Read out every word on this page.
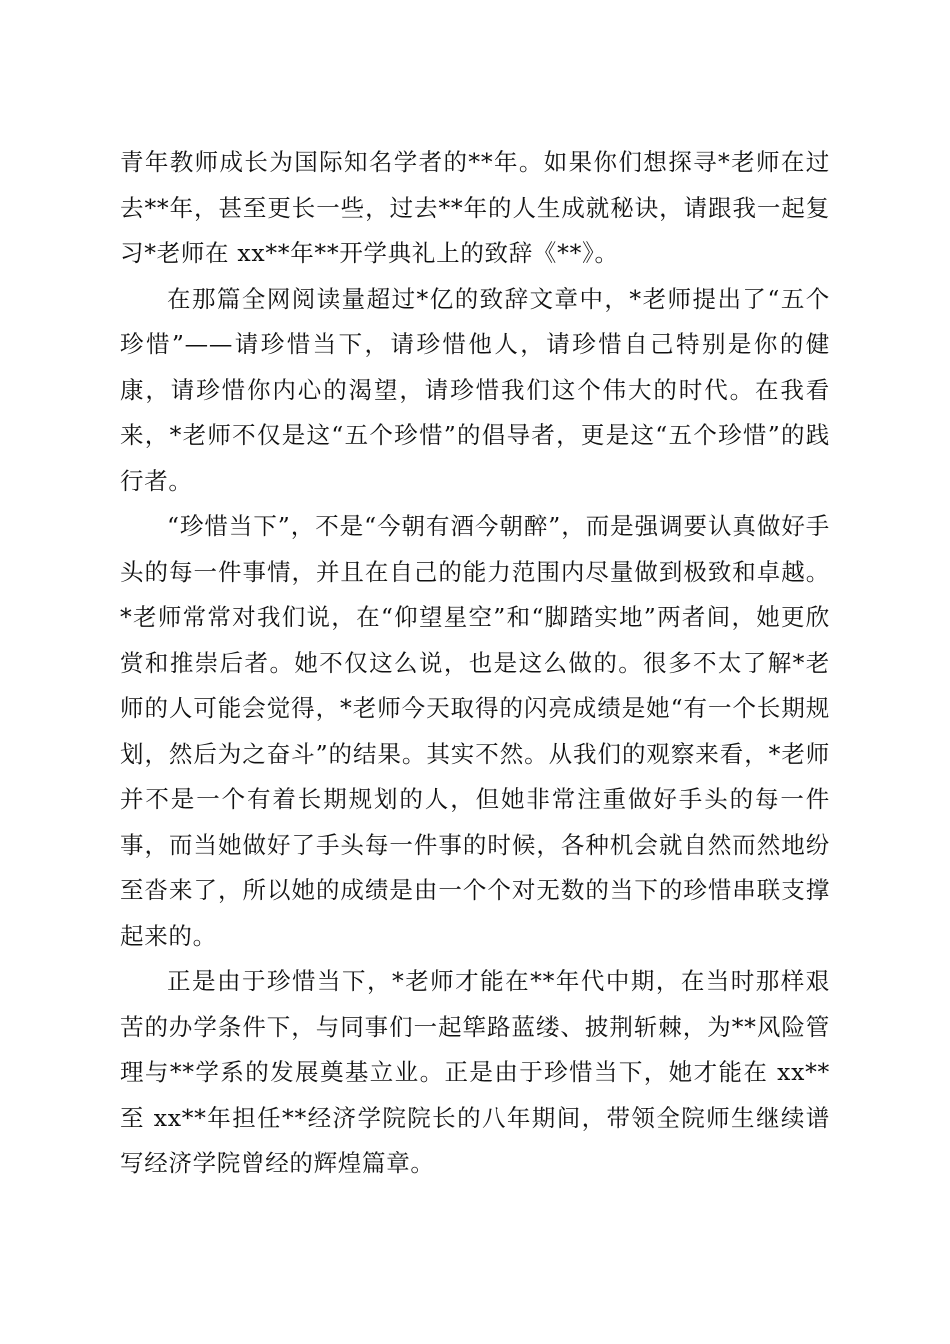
青年教师成长为国际知名学者的**年。如果你们想探寻*老师在过去**年，甚至更长一些，过去**年的人生成就秘诀，请跟我一起复习*老师在 xx**年**开学典礼上的致辞《**》。

在那篇全网阅读量超过*亿的致辞文章中，*老师提出了“五个珍惜”——请珍惜当下，请珍惜他人，请珍惜自己特别是你的健康，请珍惜你内心的渴望，请珍惜我们这个伟大的时代。在我看来，*老师不仅是这“五个珍惜”的倡导者，更是这“五个珍惜”的践行者。

“珍惜当下”，不是“今朝有酒今朝醉”，而是强调要认真做好手头的每一件事情，并且在自己的能力范围内尽量做到极致和卓越。*老师常常对我们说，在“仰望星空”和“脚踏实地”两者间，她更欣赏和推崇后者。她不仅这么说，也是这么做的。很多不太了解*老师的人可能会觉得，*老师今天取得的闪亮成绩是她“有一个长期规划，然后为之奋斗”的结果。其实不然。从我们的观察来看，*老师并不是一个有着长期规划的人，但她非常注重做好手头的每一件事，而当她做好了手头每一件事的时候，各种机会就自然而然地纷至沓来了，所以她的成绩是由一个个对无数的当下的珍惜串联支撑起来的。

正是由于珍惜当下，*老师才能在**年代中期，在当时那样艰苦的办学条件下，与同事们一起筚路蓝缕、披荆斩棘，为**风险管理与**学系的发展奠基立业。正是由于珍惜当下，她才能在 xx**至 xx**年担任**经济学院院长的八年期间，带领全院师生继续谱写经济学院曾经的辉煌篇章。
